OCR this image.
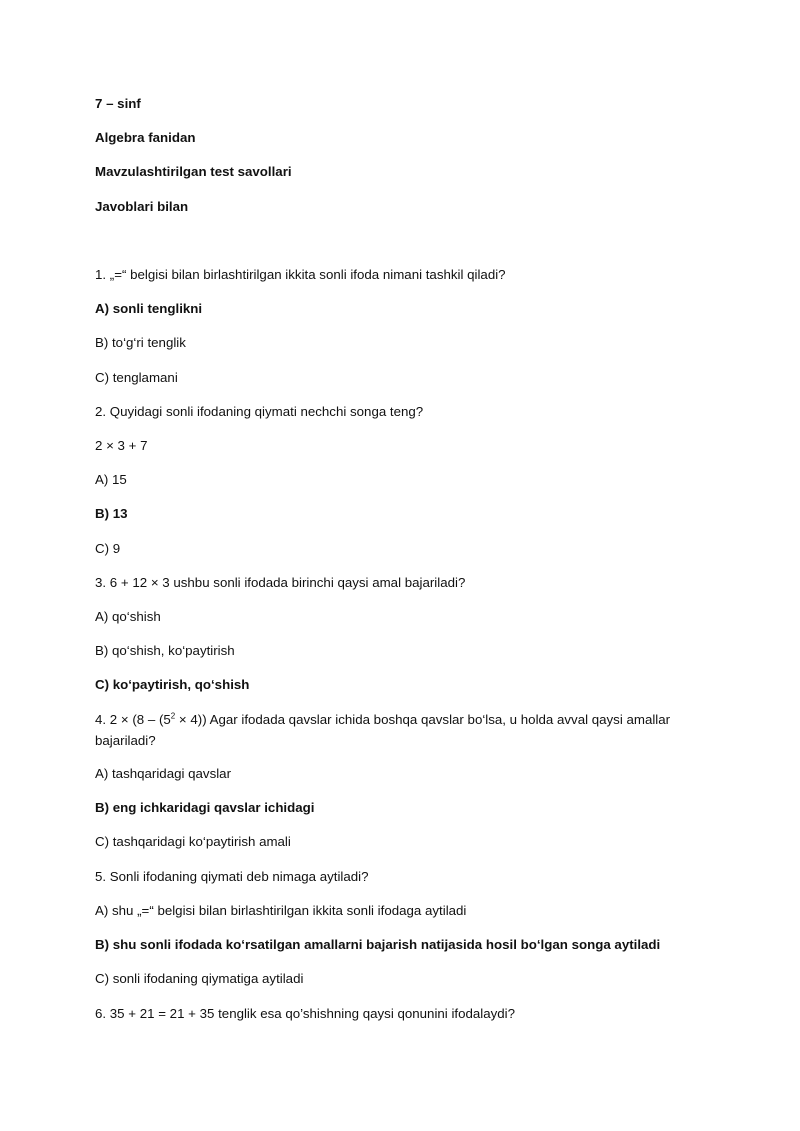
7 – sinf
Algebra fanidan
Mavzulashtirilgan test savollari
Javoblari bilan
1. „=“ belgisi bilan birlashtirilgan ikkita sonli ifoda nimani tashkil qiladi?
A) sonli tenglikni
B) to‘g‘ri tenglik
C) tenglamani
2. Quyidagi sonli ifodaning qiymati nechchi songa teng?
2 × 3 + 7
A) 15
B) 13
C) 9
3. 6 + 12 × 3 ushbu sonli ifodada birinchi qaysi amal bajariladi?
A) qo‘shish
B) qo‘shish, ko‘paytirish
C) ko‘paytirish, qo‘shish
4. $2 \times (8 - (5^2 \times 4))$ Agar ifodada qavslar ichida boshqa qavslar bo‘lsa, u holda avval qaysi amallar bajariladi?
A) tashqaridagi qavslar
B) eng ichkaridagi qavslar ichidagi
C) tashqaridagi ko‘paytirish amali
5. Sonli ifodaning qiymati deb nimaga aytiladi?
A) shu „=“ belgisi bilan birlashtirilgan ikkita sonli ifodaga aytiladi
B) shu sonli ifodada ko‘rsatilgan amallarni bajarish natijasida hosil bo‘lgan songa aytiladi
C) sonli ifodaning qiymatiga aytiladi
6. 35 + 21 = 21 + 35 tenglik esa qo’shishning qaysi qonunini ifodalaydi?
